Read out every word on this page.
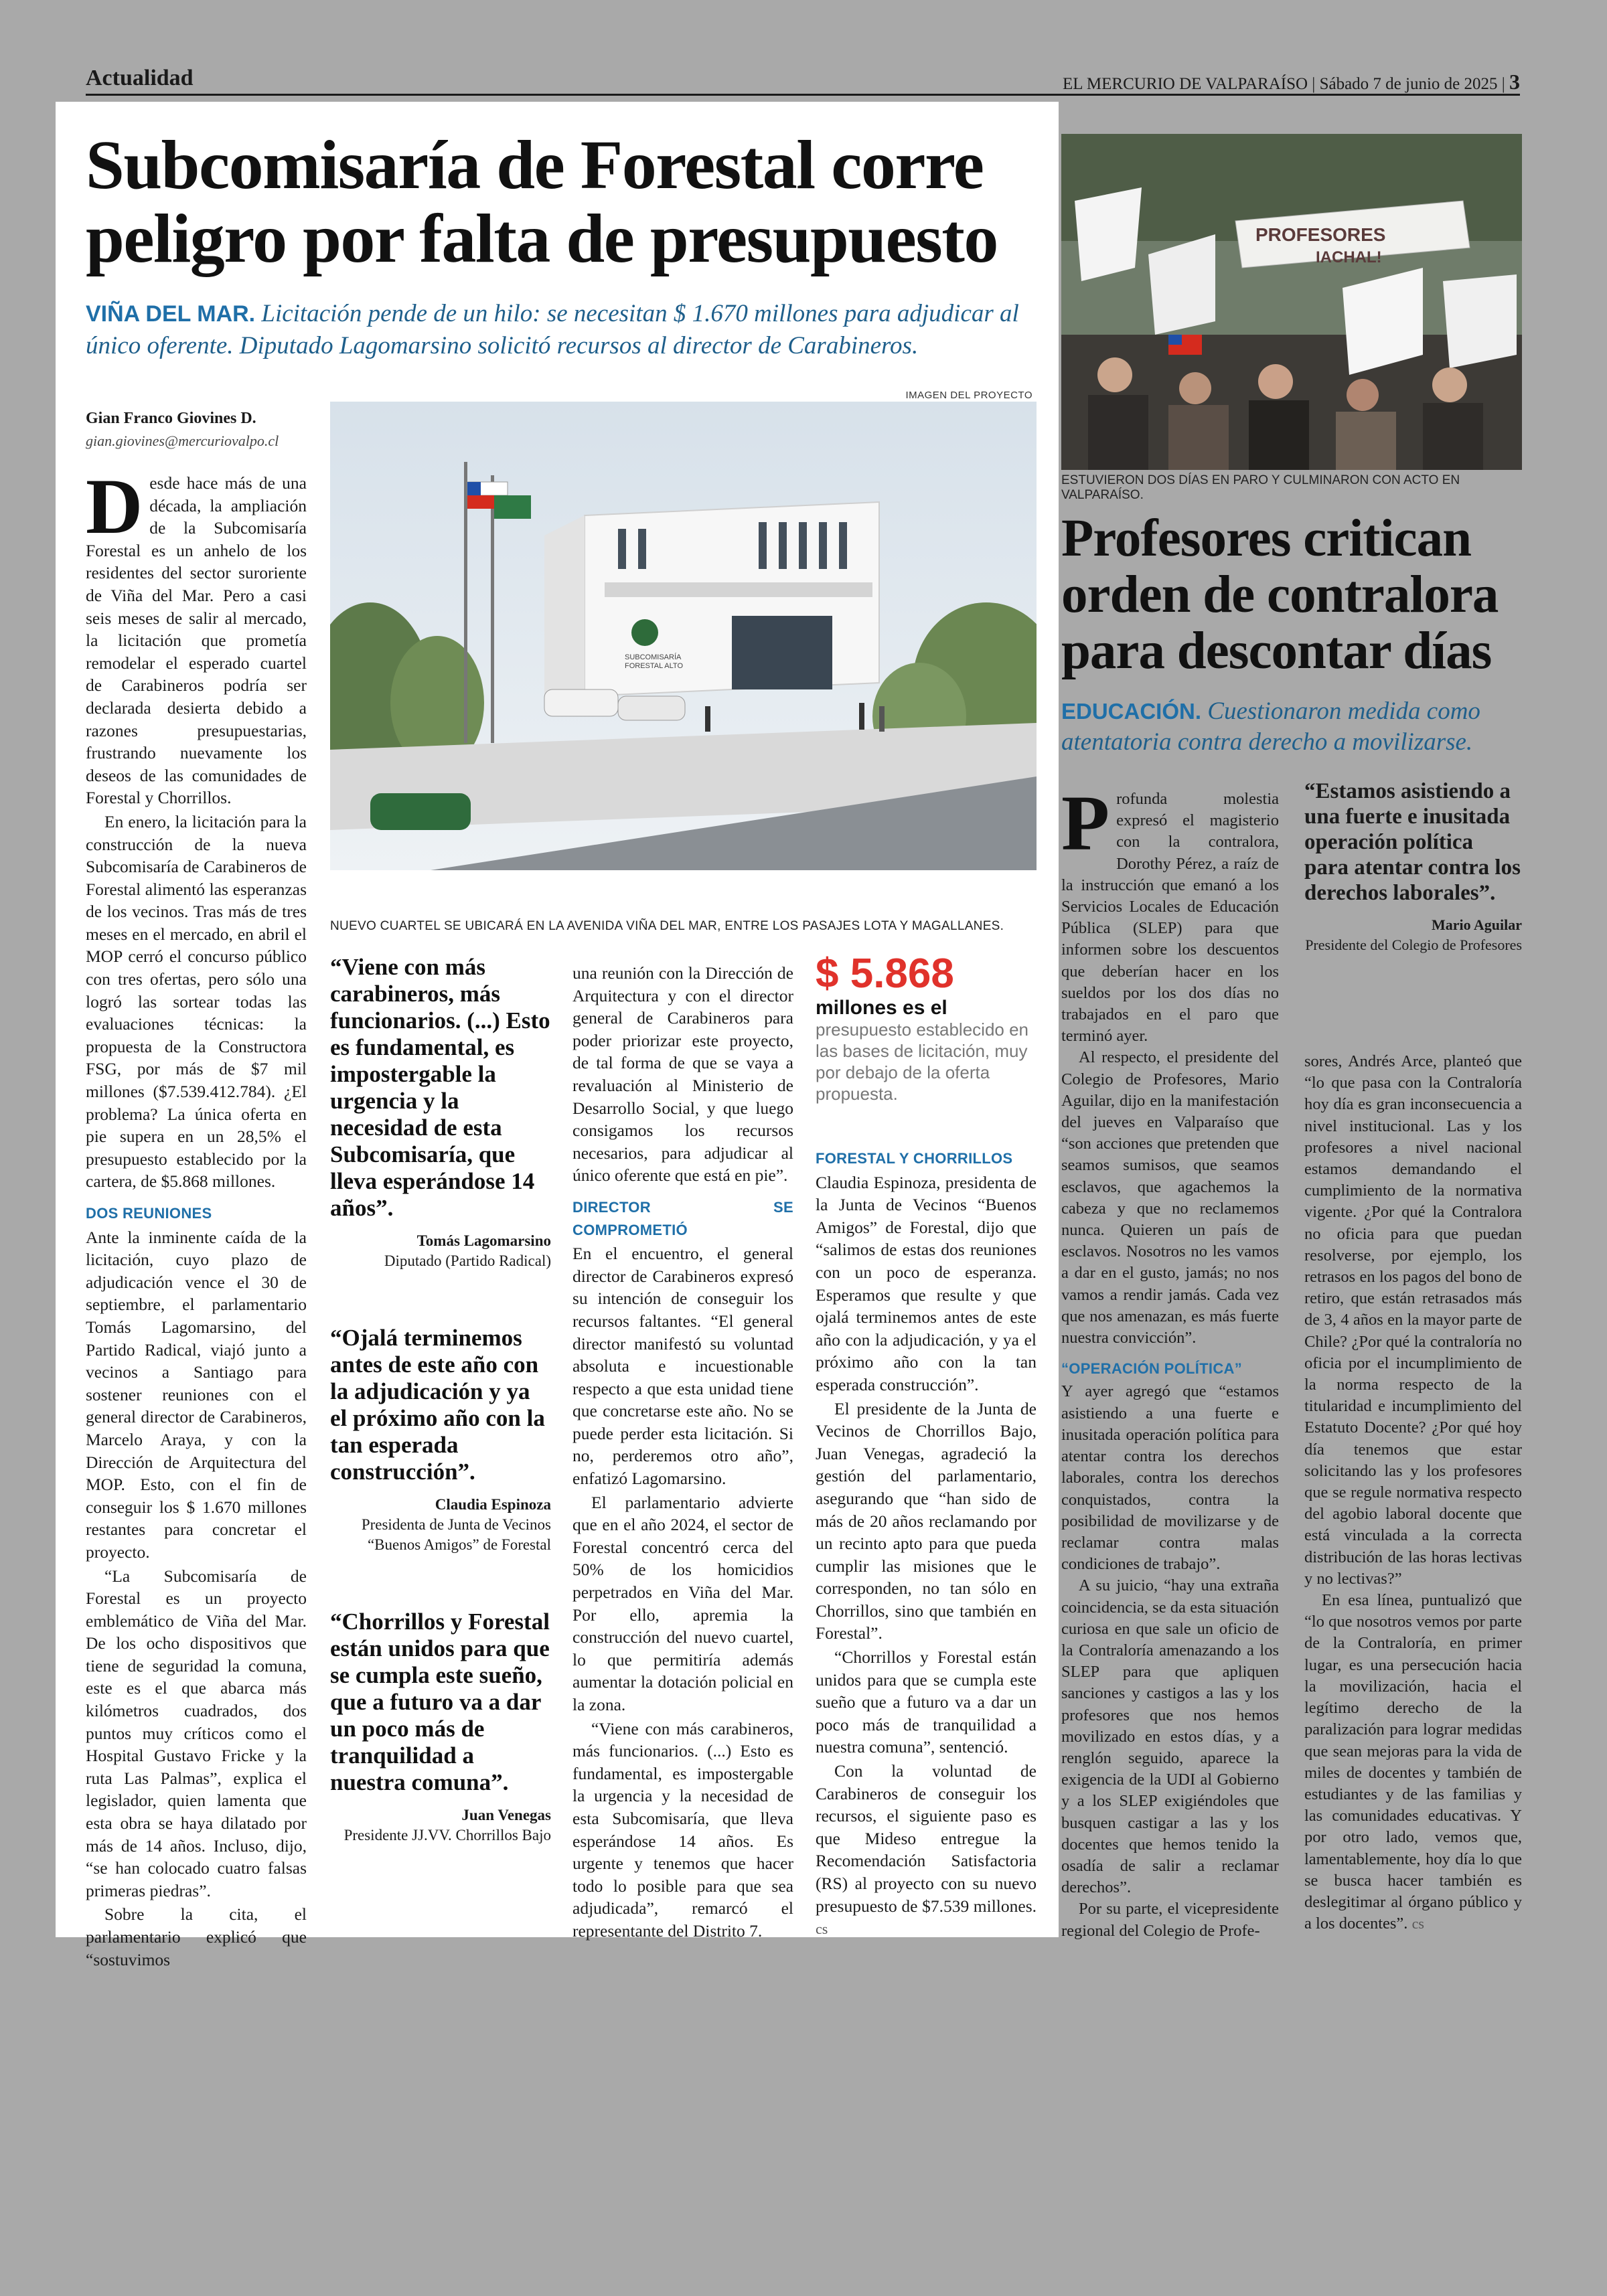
Actualidad	EL MERCURIO DE VALPARAÍSO | Sábado 7 de junio de 2025 | 3
Subcomisaría de Forestal corre peligro por falta de presupuesto
VIÑA DEL MAR. Licitación pende de un hilo: se necesitan $ 1.670 millones para adjudicar al único oferente. Diputado Lagomarsino solicitó recursos al director de Carabineros.
Gian Franco Giovines D.
gian.giovines@mercuriovalpo.cl

Desde hace más de una década, la ampliación de la Subcomisaría Forestal es un anhelo de los residentes del sector suroriente de Viña del Mar. Pero a casi seis meses de salir al mercado, la licitación que prometía remodelar el esperado cuartel de Carabineros podría ser declarada desierta debido a razones presupuestarias, frustrando nuevamente los deseos de las comunidades de Forestal y Chorrillos.

En enero, la licitación para la construcción de la nueva Subcomisaría de Carabineros de Forestal alimentó las esperanzas de los vecinos. Tras más de tres meses en el mercado, en abril el MOP cerró el concurso público con tres ofertas, pero sólo una logró las sortear todas las evaluaciones técnicas: la propuesta de la Constructora FSG, por más de $7 mil millones ($7.539.412.784). ¿El problema? La única oferta en pie supera en un 28,5% el presupuesto establecido por la cartera, de $5.868 millones.

DOS REUNIONES

Ante la inminente caída de la licitación, cuyo plazo de adjudicación vence el 30 de septiembre, el parlamentario Tomás Lagomarsino, del Partido Radical, viajó junto a vecinos a Santiago para sostener reuniones con el general director de Carabineros, Marcelo Araya, y con la Dirección de Arquitectura del MOP. Esto, con el fin de conseguir los $ 1.670 millones restantes para concretar el proyecto.

“La Subcomisaría de Forestal es un proyecto emblemático de Viña del Mar. De los ocho dispositivos que tiene de seguridad la comuna, este es el que abarca más kilómetros cuadrados, dos puntos muy críticos como el Hospital Gustavo Fricke y la ruta Las Palmas”, explica el legislador, quien lamenta que esta obra se haya dilatado por más de 14 años. Incluso, dijo, “se han colocado cuatro falsas primeras piedras”.

Sobre la cita, el parlamentario explicó que “sostuvimos

IMAGEN DEL PROYECTO
SUBCOMISARÍA
FORESTAL ALTO
NUEVO CUARTEL SE UBICARÁ EN LA AVENIDA VIÑA DEL MAR, ENTRE LOS PASAJES LOTA Y MAGALLANES.
“Viene con más carabineros, más funcionarios. (...) Esto es fundamental, es impostergable la urgencia y la necesidad de esta Subcomisaría, que lleva esperándose 14 años”.
Tomás Lagomarsino
Diputado (Partido Radical)
“Ojalá terminemos antes de este año con la adjudicación y ya el próximo año con la tan esperada construcción”.
Claudia Espinoza
Presidenta de Junta de Vecinos “Buenos Amigos” de Forestal
“Chorrillos y Forestal están unidos para que se cumpla este sueño, que a futuro va a dar un poco más de tranquilidad a nuestra comuna”.
Juan Venegas
Presidente JJ.VV. Chorrillos Bajo

una reunión con la Dirección de Arquitectura y con el director general de Carabineros para poder priorizar este proyecto, de tal forma de que se vaya a revaluación al Ministerio de Desarrollo Social, y que luego consigamos los recursos necesarios, para adjudicar al único oferente que está en pie”.

DIRECTOR SE COMPROMETIÓ

En el encuentro, el general director de Carabineros expresó su intención de conseguir los recursos faltantes. “El general director manifestó su voluntad absoluta e incuestionable respecto a que esta unidad tiene que concretarse este año. No se puede perder esta licitación. Si no, perderemos otro año”, enfatizó Lagomarsino.

El parlamentario advierte que en el año 2024, el sector de Forestal concentró cerca del 50% de los homicidios perpetrados en Viña del Mar. Por ello, apremia la construcción del nuevo cuartel, lo que permitiría además aumentar la dotación policial en la zona.

“Viene con más carabineros, más funcionarios. (...) Esto es fundamental, es impostergable la urgencia y la necesidad de esta Subcomisaría, que lleva esperándose 14 años. Es urgente y tenemos que hacer todo lo posible para que sea adjudicada”, remarcó el representante del Distrito 7.

$ 5.868
millones es el presupuesto establecido en las bases de licitación, muy por debajo de la oferta propuesta.
FORESTAL Y CHORRILLOS

Claudia Espinoza, presidenta de la Junta de Vecinos “Buenos Amigos” de Forestal, dijo que “salimos de estas dos reuniones con un poco de esperanza. Esperamos que resulte y que ojalá terminemos antes de este año con la adjudicación, y ya el próximo año con la tan esperada construcción”.

El presidente de la Junta de Vecinos de Chorrillos Bajo, Juan Venegas, agradeció la gestión del parlamentario, asegurando que “han sido de más de 20 años reclamando por un recinto apto para que pueda cumplir las misiones que le corresponden, no tan sólo en Chorrillos, sino que también en Forestal”.

“Chorrillos y Forestal están unidos para que se cumpla este sueño que a futuro va a dar un poco más de tranquilidad a nuestra comuna”, sentenció.

Con la voluntad de Carabineros de conseguir los recursos, el siguiente paso es que Mideso entregue la Recomendación Satisfactoria (RS) al proyecto con su nuevo presupuesto de $7.539 millones. cs

PROFESORES
IACHAL!
ESTUVIERON DOS DÍAS EN PARO Y CULMINARON CON ACTO EN VALPARAÍSO.
Profesores critican orden de contralora para descontar días
EDUCACIÓN. Cuestionaron medida como atentatoria contra derecho a movilizarse.

Profunda molestia expresó el magisterio con la contralora, Dorothy Pérez, a raíz de la instrucción que emanó a los Servicios Locales de Educación Pública (SLEP) para que informen sobre los descuentos que deberían hacer en los sueldos por los dos días no trabajados en el paro que terminó ayer.

Al respecto, el presidente del Colegio de Profesores, Mario Aguilar, dijo en la manifestación del jueves en Valparaíso que “son acciones que pretenden que seamos sumisos, que seamos esclavos, que agachemos la cabeza y que no reclamemos nunca. Quieren un país de esclavos. Nosotros no les vamos a dar en el gusto, jamás; no nos vamos a rendir jamás. Cada vez que nos amenazan, es más fuerte nuestra convicción”.

“OPERACIÓN POLÍTICA”

Y ayer agregó que “estamos asistiendo a una fuerte e inusitada operación política para atentar contra los derechos laborales, contra los derechos conquistados, contra la posibilidad de movilizarse y de reclamar contra malas condiciones de trabajo”.

A su juicio, “hay una extraña coincidencia, se da esta situación curiosa en que sale un oficio de la Contraloría amenazando a los SLEP para que apliquen sanciones y castigos a las y los profesores que nos hemos movilizado en estos días, y a renglón seguido, aparece la exigencia de la UDI al Gobierno y a los SLEP exigiéndoles que busquen castigar a las y los docentes que hemos tenido la osadía de salir a reclamar derechos”.

Por su parte, el vicepresidente regional del Colegio de Profe-

“Estamos asistiendo a una fuerte e inusitada operación política para atentar contra los derechos laborales”.
Mario Aguilar
Presidente del Colegio de Profesores

sores, Andrés Arce, planteó que “lo que pasa con la Contraloría hoy día es gran inconsecuencia a nivel institucional. Las y los profesores a nivel nacional estamos demandando el cumplimiento de la normativa vigente. ¿Por qué la Contralora no oficia para que puedan resolverse, por ejemplo, los retrasos en los pagos del bono de retiro, que están retrasados más de 3, 4 años en la mayor parte de Chile? ¿Por qué la contraloría no oficia por el incumplimiento de la norma respecto de la titularidad e incumplimiento del Estatuto Docente? ¿Por qué hoy día tenemos que estar solicitando las y los profesores que se regule normativa respecto del agobio laboral docente que está vinculada a la correcta distribución de las horas lectivas y no lectivas?”

En esa línea, puntualizó que “lo que nosotros vemos por parte de la Contraloría, en primer lugar, es una persecución hacia la movilización, hacia el legítimo derecho de la paralización para lograr medidas que sean mejoras para la vida de miles de docentes y también de estudiantes y de las familias y las comunidades educativas. Y por otro lado, vemos que, lamentablemente, hoy día lo que se busca hacer también es deslegitimar al órgano público y a los docentes”. cs
